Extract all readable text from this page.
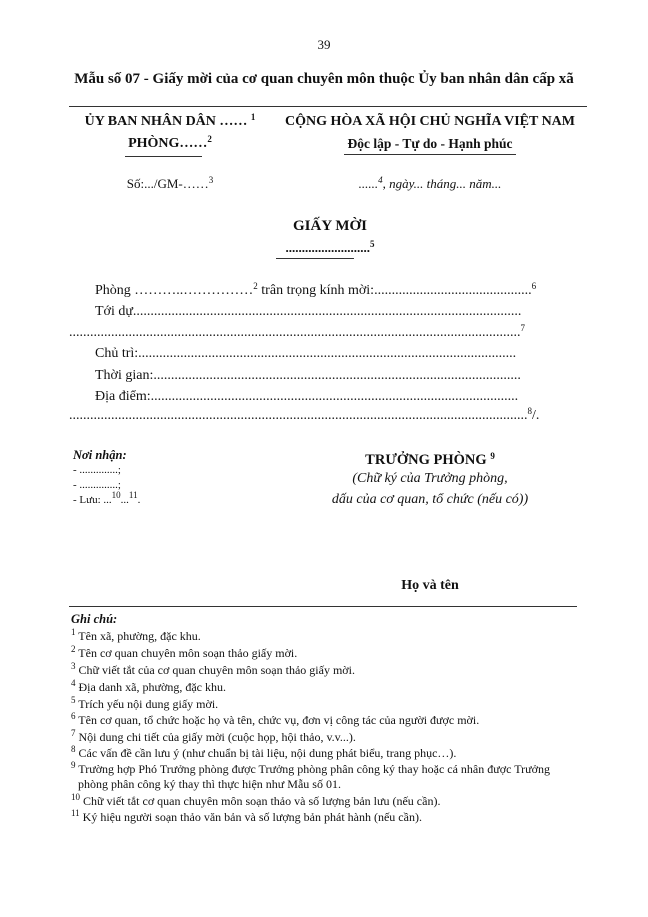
39
Mẫu số 07 - Giấy mời của cơ quan chuyên môn thuộc Ủy ban nhân dân cấp xã
ỦY BAN NHÂN DÂN …… $^1$
PHÒNG……$^2$
Số:.../GM-……$^3$
CỘNG HÒA XÃ HỘI CHỦ NGHĨA VIỆT NAM
Độc lập - Tự do - Hạnh phúc
......$^4$, ngày... tháng... năm...
GIẤY MỜI
..........................$^5$
Phòng ………..……………$^2$ trân trọng kính mời:.............................................$^6$
Tới dự...............................................................................................................
.................................................................................................................................$^7$
Chủ trì:............................................................................................................
Thời gian:.........................................................................................................
Địa điểm:.........................................................................................................
...................................................................................................................................$^8$/.
Nơi nhận:
- ..............;
- ..............;
- Lưu: ...$^{10}$...$^{11}$.
TRƯỞNG PHÒNG $^9$
(Chữ ký của Trưởng phòng,
dấu của cơ quan, tổ chức (nếu có))
Họ và tên
Ghi chú:
$^1$ Tên xã, phường, đặc khu.
$^2$ Tên cơ quan chuyên môn soạn thảo giấy mời.
$^3$ Chữ viết tắt của cơ quan chuyên môn soạn thảo giấy mời.
$^4$ Địa danh xã, phường, đặc khu.
$^5$ Trích yếu nội dung giấy mời.
$^6$ Tên cơ quan, tổ chức hoặc họ và tên, chức vụ, đơn vị công tác của người được mời.
$^7$ Nội dung chi tiết của giấy mời (cuộc họp, hội thảo, v.v...).
$^8$ Các vấn đề cần lưu ý (như chuẩn bị tài liệu, nội dung phát biểu, trang phục…).
$^9$ Trường hợp Phó Trưởng phòng được Trưởng phòng phân công ký thay hoặc cá nhân được Trưởng
phòng phân công ký thay thì thực hiện như Mẫu số 01.
$^{10}$ Chữ viết tắt cơ quan chuyên môn soạn thảo và số lượng bản lưu (nếu cần).
$^{11}$ Ký hiệu người soạn thảo văn bản và số lượng bản phát hành (nếu cần).
